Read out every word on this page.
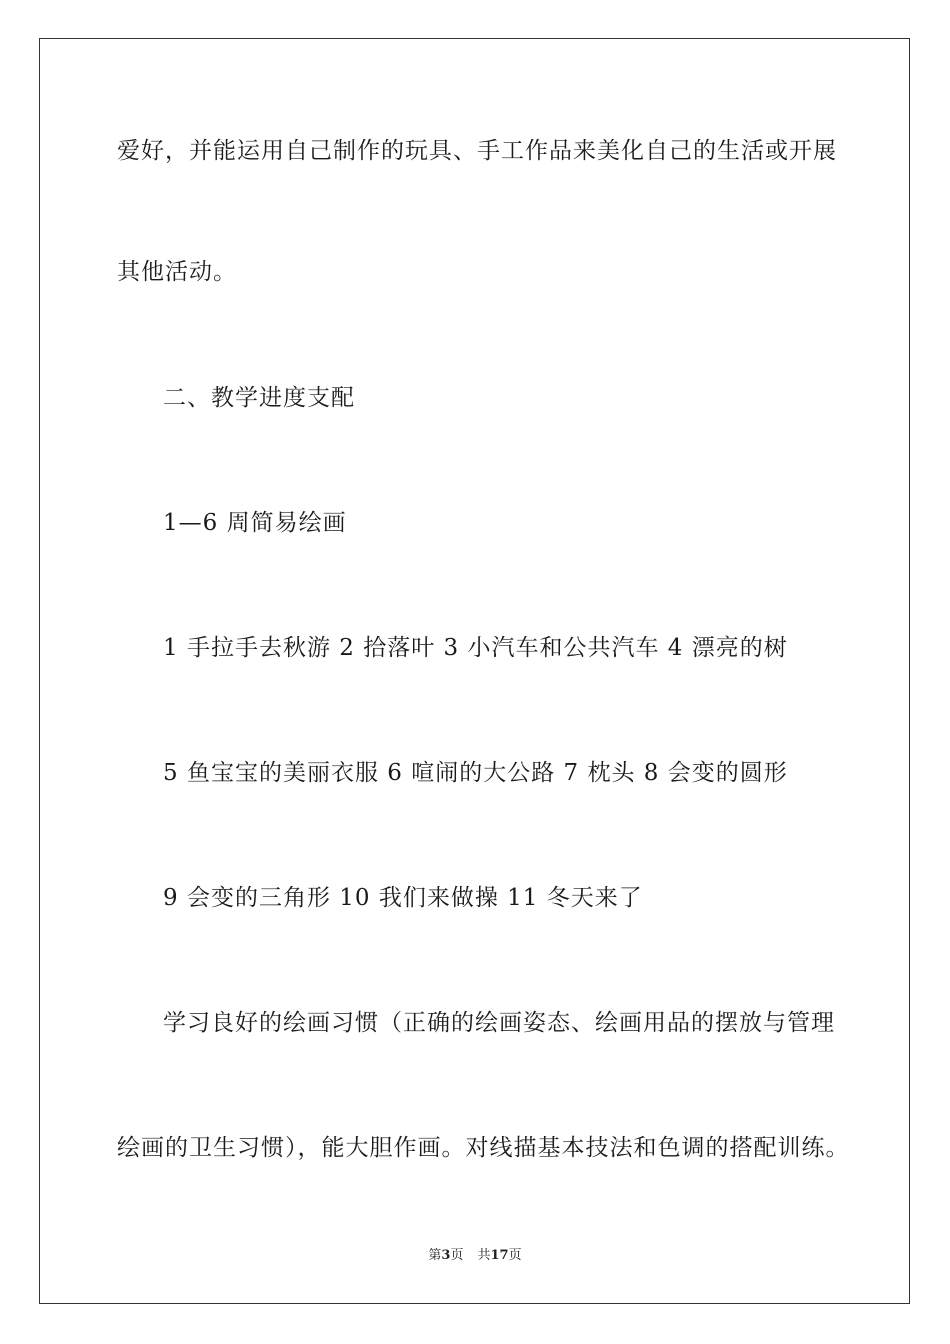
爱好，并能运用自己制作的玩具、手工作品来美化自己的生活或开展
其他活动。
二、教学进度支配
1—6 周简易绘画
1 手拉手去秋游 2 拾落叶 3 小汽车和公共汽车 4 漂亮的树
5 鱼宝宝的美丽衣服 6 喧闹的大公路 7 枕头 8 会变的圆形
9 会变的三角形 10 我们来做操 11 冬天来了
学习良好的绘画习惯（正确的绘画姿态、绘画用品的摆放与管理
绘画的卫生习惯），能大胆作画。对线描基本技法和色调的搭配训练。
第3页 共17页
